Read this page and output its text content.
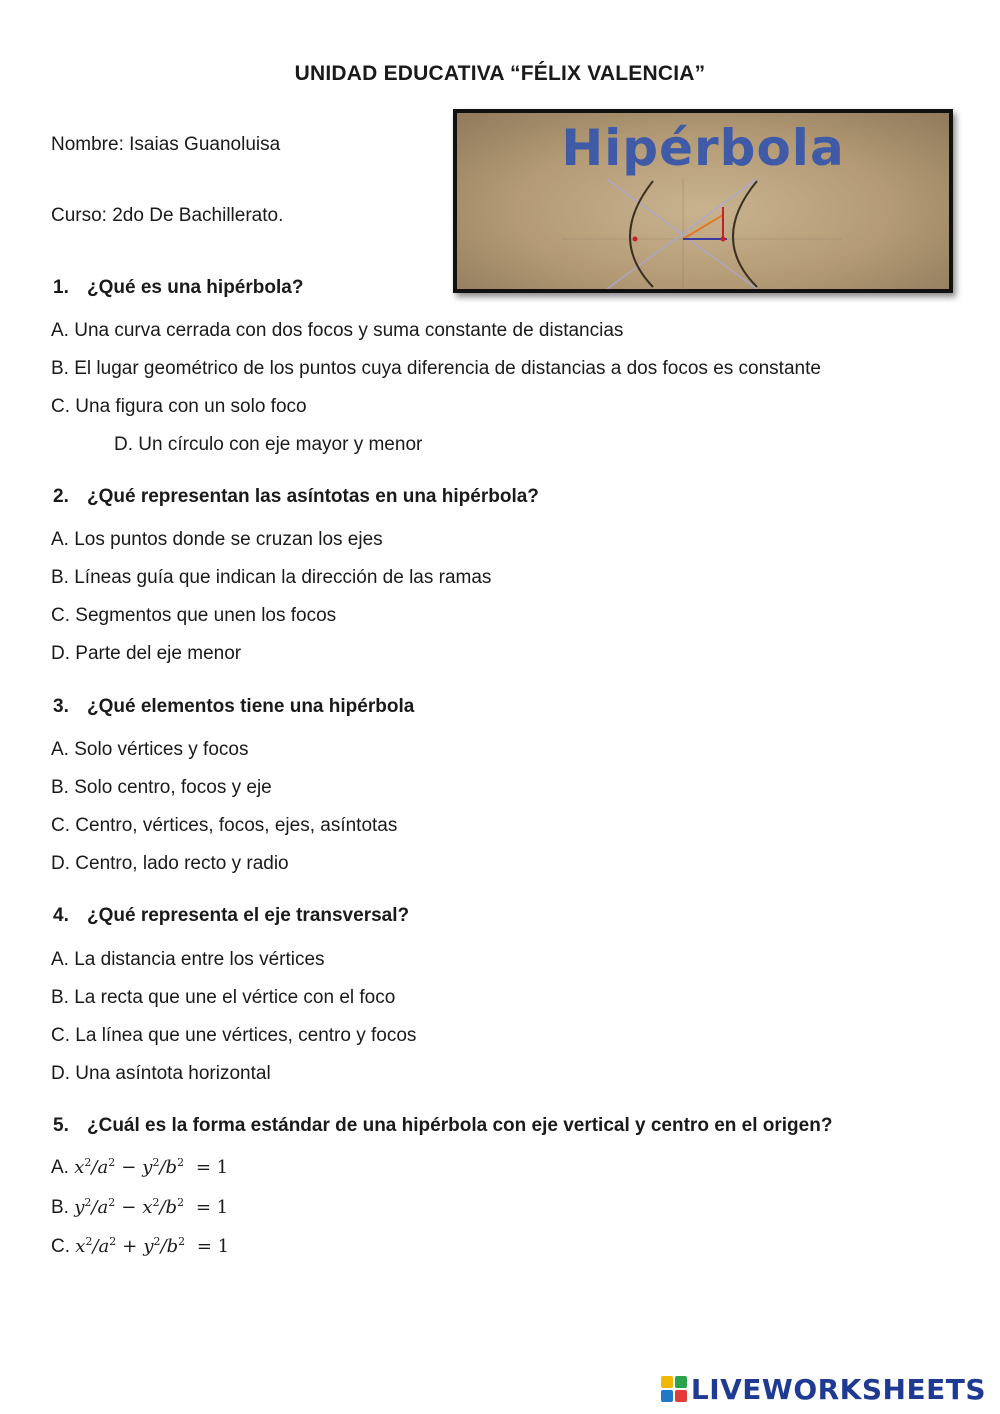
UNIDAD EDUCATIVA “FÉLIX VALENCIA”
Nombre: Isaias Guanoluisa
Curso: 2do De Bachillerato.
Hipérbola
1. ¿Qué es una hipérbola?
A. Una curva cerrada con dos focos y suma constante de distancias
B. El lugar geométrico de los puntos cuya diferencia de distancias a dos focos es constante
C. Una figura con un solo foco
D. Un círculo con eje mayor y menor
2. ¿Qué representan las asíntotas en una hipérbola?
A. Los puntos donde se cruzan los ejes
B. Líneas guía que indican la dirección de las ramas
C. Segmentos que unen los focos
D. Parte del eje menor
3. ¿Qué elementos tiene una hipérbola
A. Solo vértices y focos
B. Solo centro, focos y eje
C. Centro, vértices, focos, ejes, asíntotas
D. Centro, lado recto y radio
4. ¿Qué representa el eje transversal?
A. La distancia entre los vértices
B. La recta que une el vértice con el foco
C. La línea que une vértices, centro y focos
D. Una asíntota horizontal
5. ¿Cuál es la forma estándar de una hipérbola con eje vertical y centro en el origen?
A. $x^2/a^2 - y^2/b^2 = 1$
B. $y^2/a^2 - x^2/b^2 = 1$
C. $x^2/a^2 + y^2/b^2 = 1$
LIVEWORKSHEETS
